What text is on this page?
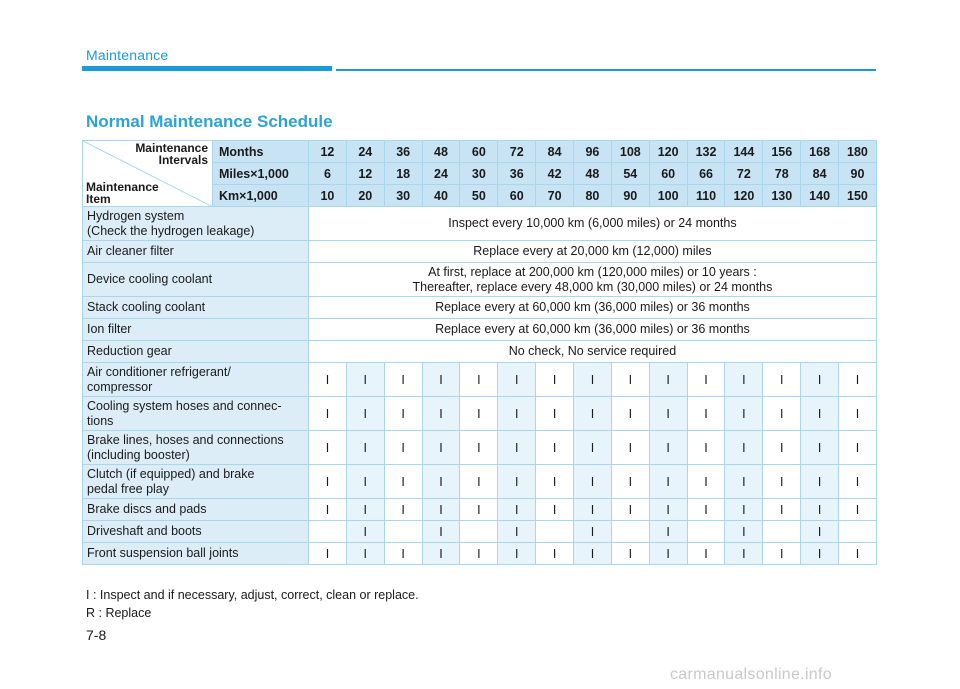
Maintenance
Normal Maintenance Schedule
Maintenance
Intervals
Maintenance
Item	Months	12	24	36	48	60	72	84	96	108	120	132	144	156	168	180
	Miles×1,000	6	12	18	24	30	36	42	48	54	60	66	72	78	84	90
	Km×1,000	10	20	30	40	50	60	70	80	90	100	110	120	130	140	150
Hydrogen system
(Check the hydrogen leakage)		Inspect every 10,000 km (6,000 miles) or 24 months														
Air cleaner filter		Replace every at 20,000 km (12,000) miles														
Device cooling coolant		At first, replace at 200,000 km (120,000 miles) or 10 years :
Thereafter, replace every 48,000 km (30,000 miles) or 24 months														
Stack cooling coolant		Replace every at 60,000 km (36,000 miles) or 36 months														
Ion filter		Replace every at 60,000 km (36,000 miles) or 36 months														
Reduction gear		No check, No service required														
Air conditioner refrigerant/
compressor		I	I	I	I	I	I	I	I	I	I	I	I	I	I	I
Cooling system hoses and connec-
tions		I	I	I	I	I	I	I	I	I	I	I	I	I	I	I
Brake lines, hoses and connections
(including booster)		I	I	I	I	I	I	I	I	I	I	I	I	I	I	I
Clutch (if equipped) and brake
pedal free play		I	I	I	I	I	I	I	I	I	I	I	I	I	I	I
Brake discs and pads		I	I	I	I	I	I	I	I	I	I	I	I	I	I	I
Driveshaft and boots			I		I		I		I		I		I		I	
Front suspension ball joints		I	I	I	I	I	I	I	I	I	I	I	I	I	I	I
I : Inspect and if necessary, adjust, correct, clean or replace.
R : Replace
7-8
carmanualsonline.info
